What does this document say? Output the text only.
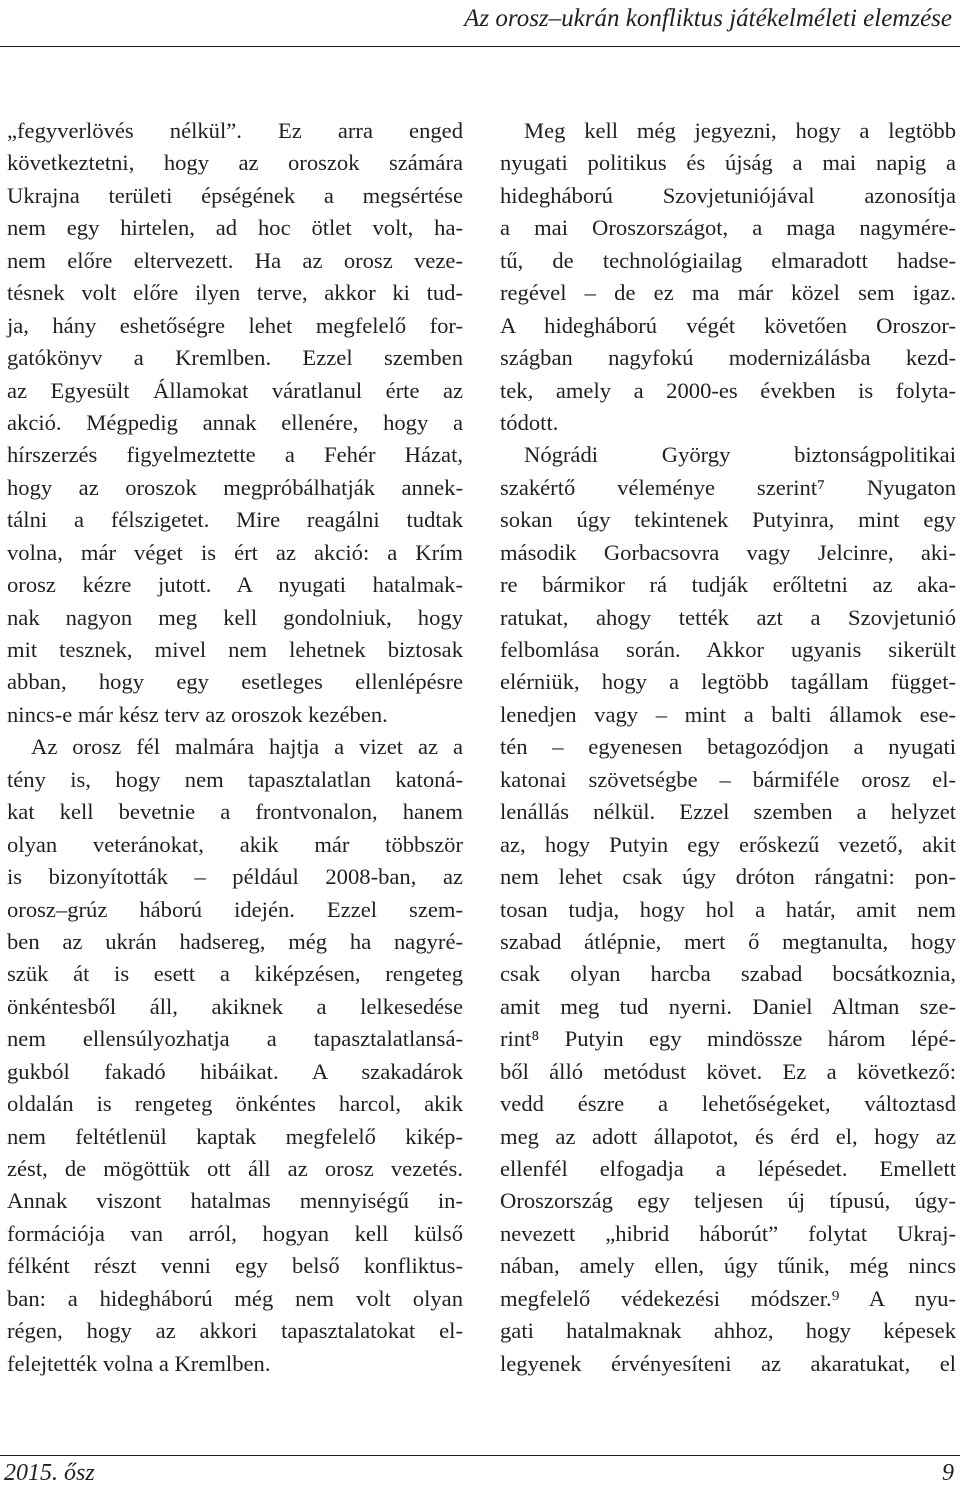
Az orosz–ukrán konfliktus játékelméleti elemzése
„fegyverlövés nélkül”. Ez arra enged
következtetni, hogy az oroszok számára
Ukrajna területi épségének a megsértése
nem egy hirtelen, ad hoc ötlet volt, ha-
nem előre eltervezett. Ha az orosz veze-
tésnek volt előre ilyen terve, akkor ki tud-
ja, hány eshetőségre lehet megfelelő for-
gatókönyv a Kremlben. Ezzel szemben
az Egyesült Államokat váratlanul érte az
akció. Mégpedig annak ellenére, hogy a
hírszerzés figyelmeztette a Fehér Házat,
hogy az oroszok megpróbálhatják annek-
tálni a félszigetet. Mire reagálni tudtak
volna, már véget is ért az akció: a Krím
orosz kézre jutott. A nyugati hatalmak-
nak nagyon meg kell gondolniuk, hogy
mit tesznek, mivel nem lehetnek biztosak
abban, hogy egy esetleges ellenlépésre
nincs-e már kész terv az oroszok kezében.
Az orosz fél malmára hajtja a vizet az a
tény is, hogy nem tapasztalatlan katoná-
kat kell bevetnie a frontvonalon, hanem
olyan veteránokat, akik már többször
is bizonyították – például 2008-ban, az
orosz–grúz háború idején. Ezzel szem-
ben az ukrán hadsereg, még ha nagyré-
szük át is esett a kiképzésen, rengeteg
önkéntesből áll, akiknek a lelkesedése
nem ellensúlyozhatja a tapasztalatlansá-
gukból fakadó hibáikat. A szakadárok
oldalán is rengeteg önkéntes harcol, akik
nem feltétlenül kaptak megfelelő kikép-
zést, de mögöttük ott áll az orosz vezetés.
Annak viszont hatalmas mennyiségű in-
formációja van arról, hogyan kell külső
félként részt venni egy belső konfliktus-
ban: a hidegháború még nem volt olyan
régen, hogy az akkori tapasztalatokat el-
felejtették volna a Kremlben.
Meg kell még jegyezni, hogy a legtöbb
nyugati politikus és újság a mai napig a
hidegháború Szovjetuniójával azonosítja
a mai Oroszországot, a maga nagymére-
tű, de technológiailag elmaradott hadse-
regével – de ez ma már közel sem igaz.
A hidegháború végét követően Oroszor-
szágban nagyfokú modernizálásba kezd-
tek, amely a 2000-es években is folyta-
tódott.
Nógrádi György biztonságpolitikai
szakértő véleménye szerint⁷ Nyugaton
sokan úgy tekintenek Putyinra, mint egy
második Gorbacsovra vagy Jelcinre, aki-
re bármikor rá tudják erőltetni az aka-
ratukat, ahogy tették azt a Szovjetunió
felbomlása során. Akkor ugyanis sikerült
elérniük, hogy a legtöbb tagállam függet-
lenedjen vagy – mint a balti államok ese-
tén – egyenesen betagozódjon a nyugati
katonai szövetségbe – bármiféle orosz el-
lenállás nélkül. Ezzel szemben a helyzet
az, hogy Putyin egy erőskezű vezető, akit
nem lehet csak úgy dróton rángatni: pon-
tosan tudja, hogy hol a határ, amit nem
szabad átlépnie, mert ő megtanulta, hogy
csak olyan harcba szabad bocsátkoznia,
amit meg tud nyerni. Daniel Altman sze-
rint⁸ Putyin egy mindössze három lépé-
ből álló metódust követ. Ez a következő:
vedd észre a lehetőségeket, változtasd
meg az adott állapotot, és érd el, hogy az
ellenfél elfogadja a lépésedet. Emellett
Oroszország egy teljesen új típusú, úgy-
nevezett „hibrid háborút” folytat Ukraj-
nában, amely ellen, úgy tűnik, még nincs
megfelelő védekezési módszer.⁹ A nyu-
gati hatalmaknak ahhoz, hogy képesek
legyenek érvényesíteni az akaratukat, el
2015. ősz	9
